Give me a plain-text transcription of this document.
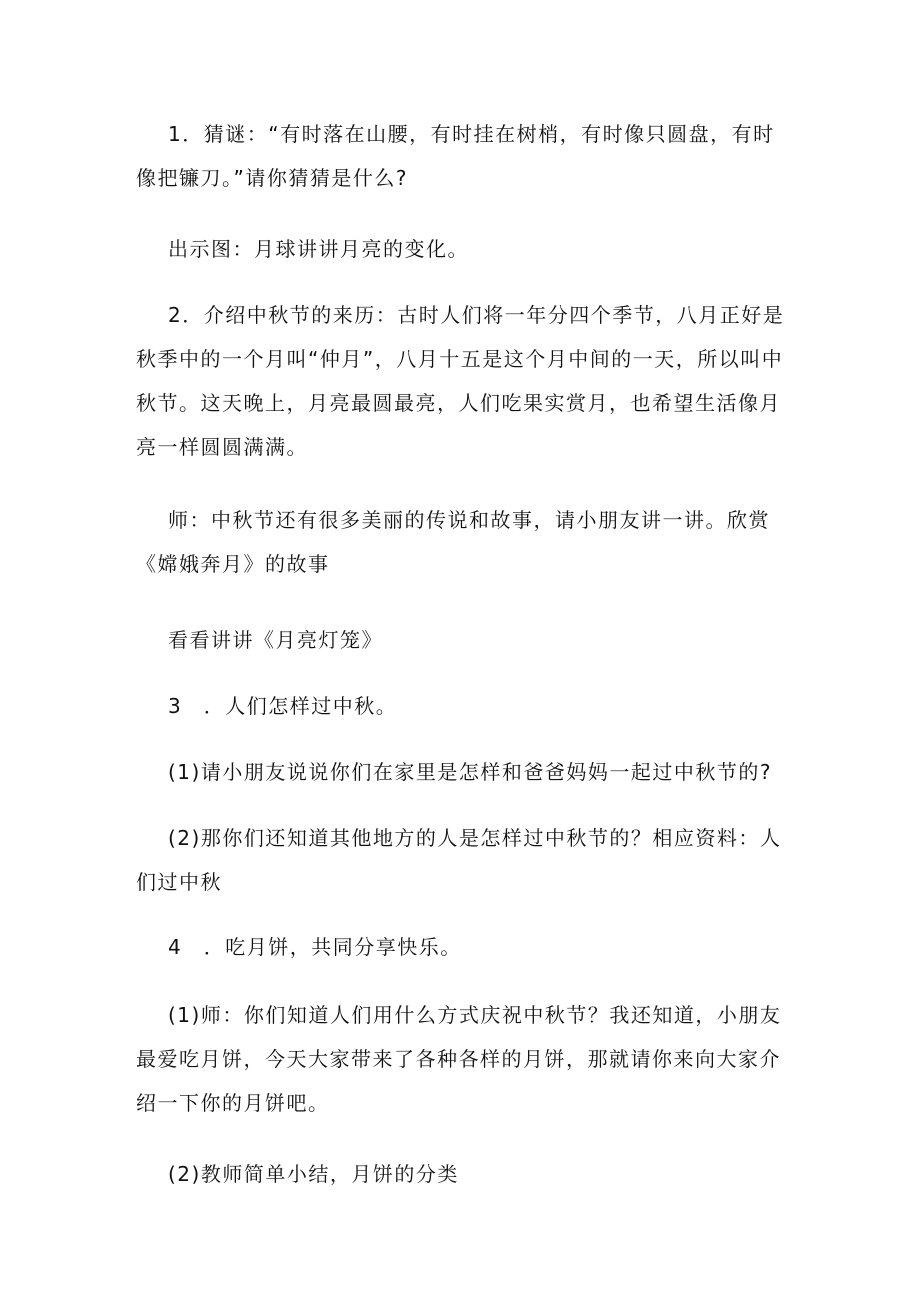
1．猜谜：“有时落在山腰，有时挂在树梢，有时像只圆盘，有时像把镰刀。”请你猜猜是什么?

出示图：月球讲讲月亮的变化。

2．介绍中秋节的来历：古时人们将一年分四个季节，八月正好是秋季中的一个月叫“仲月”，八月十五是这个月中间的一天，所以叫中秋节。这天晚上，月亮最圆最亮，人们吃果实赏月，也希望生活像月亮一样圆圆满满。

师：中秋节还有很多美丽的传说和故事，请小朋友讲一讲。欣赏《嫦娥奔月》的故事

看看讲讲《月亮灯笼》

3　．人们怎样过中秋。

(1)请小朋友说说你们在家里是怎样和爸爸妈妈一起过中秋节的?

(2)那你们还知道其他地方的人是怎样过中秋节的？相应资料：人们过中秋

4　．吃月饼，共同分享快乐。

(1)师：你们知道人们用什么方式庆祝中秋节？我还知道，小朋友最爱吃月饼，今天大家带来了各种各样的月饼，那就请你来向大家介绍一下你的月饼吧。

(2)教师简单小结，月饼的分类
